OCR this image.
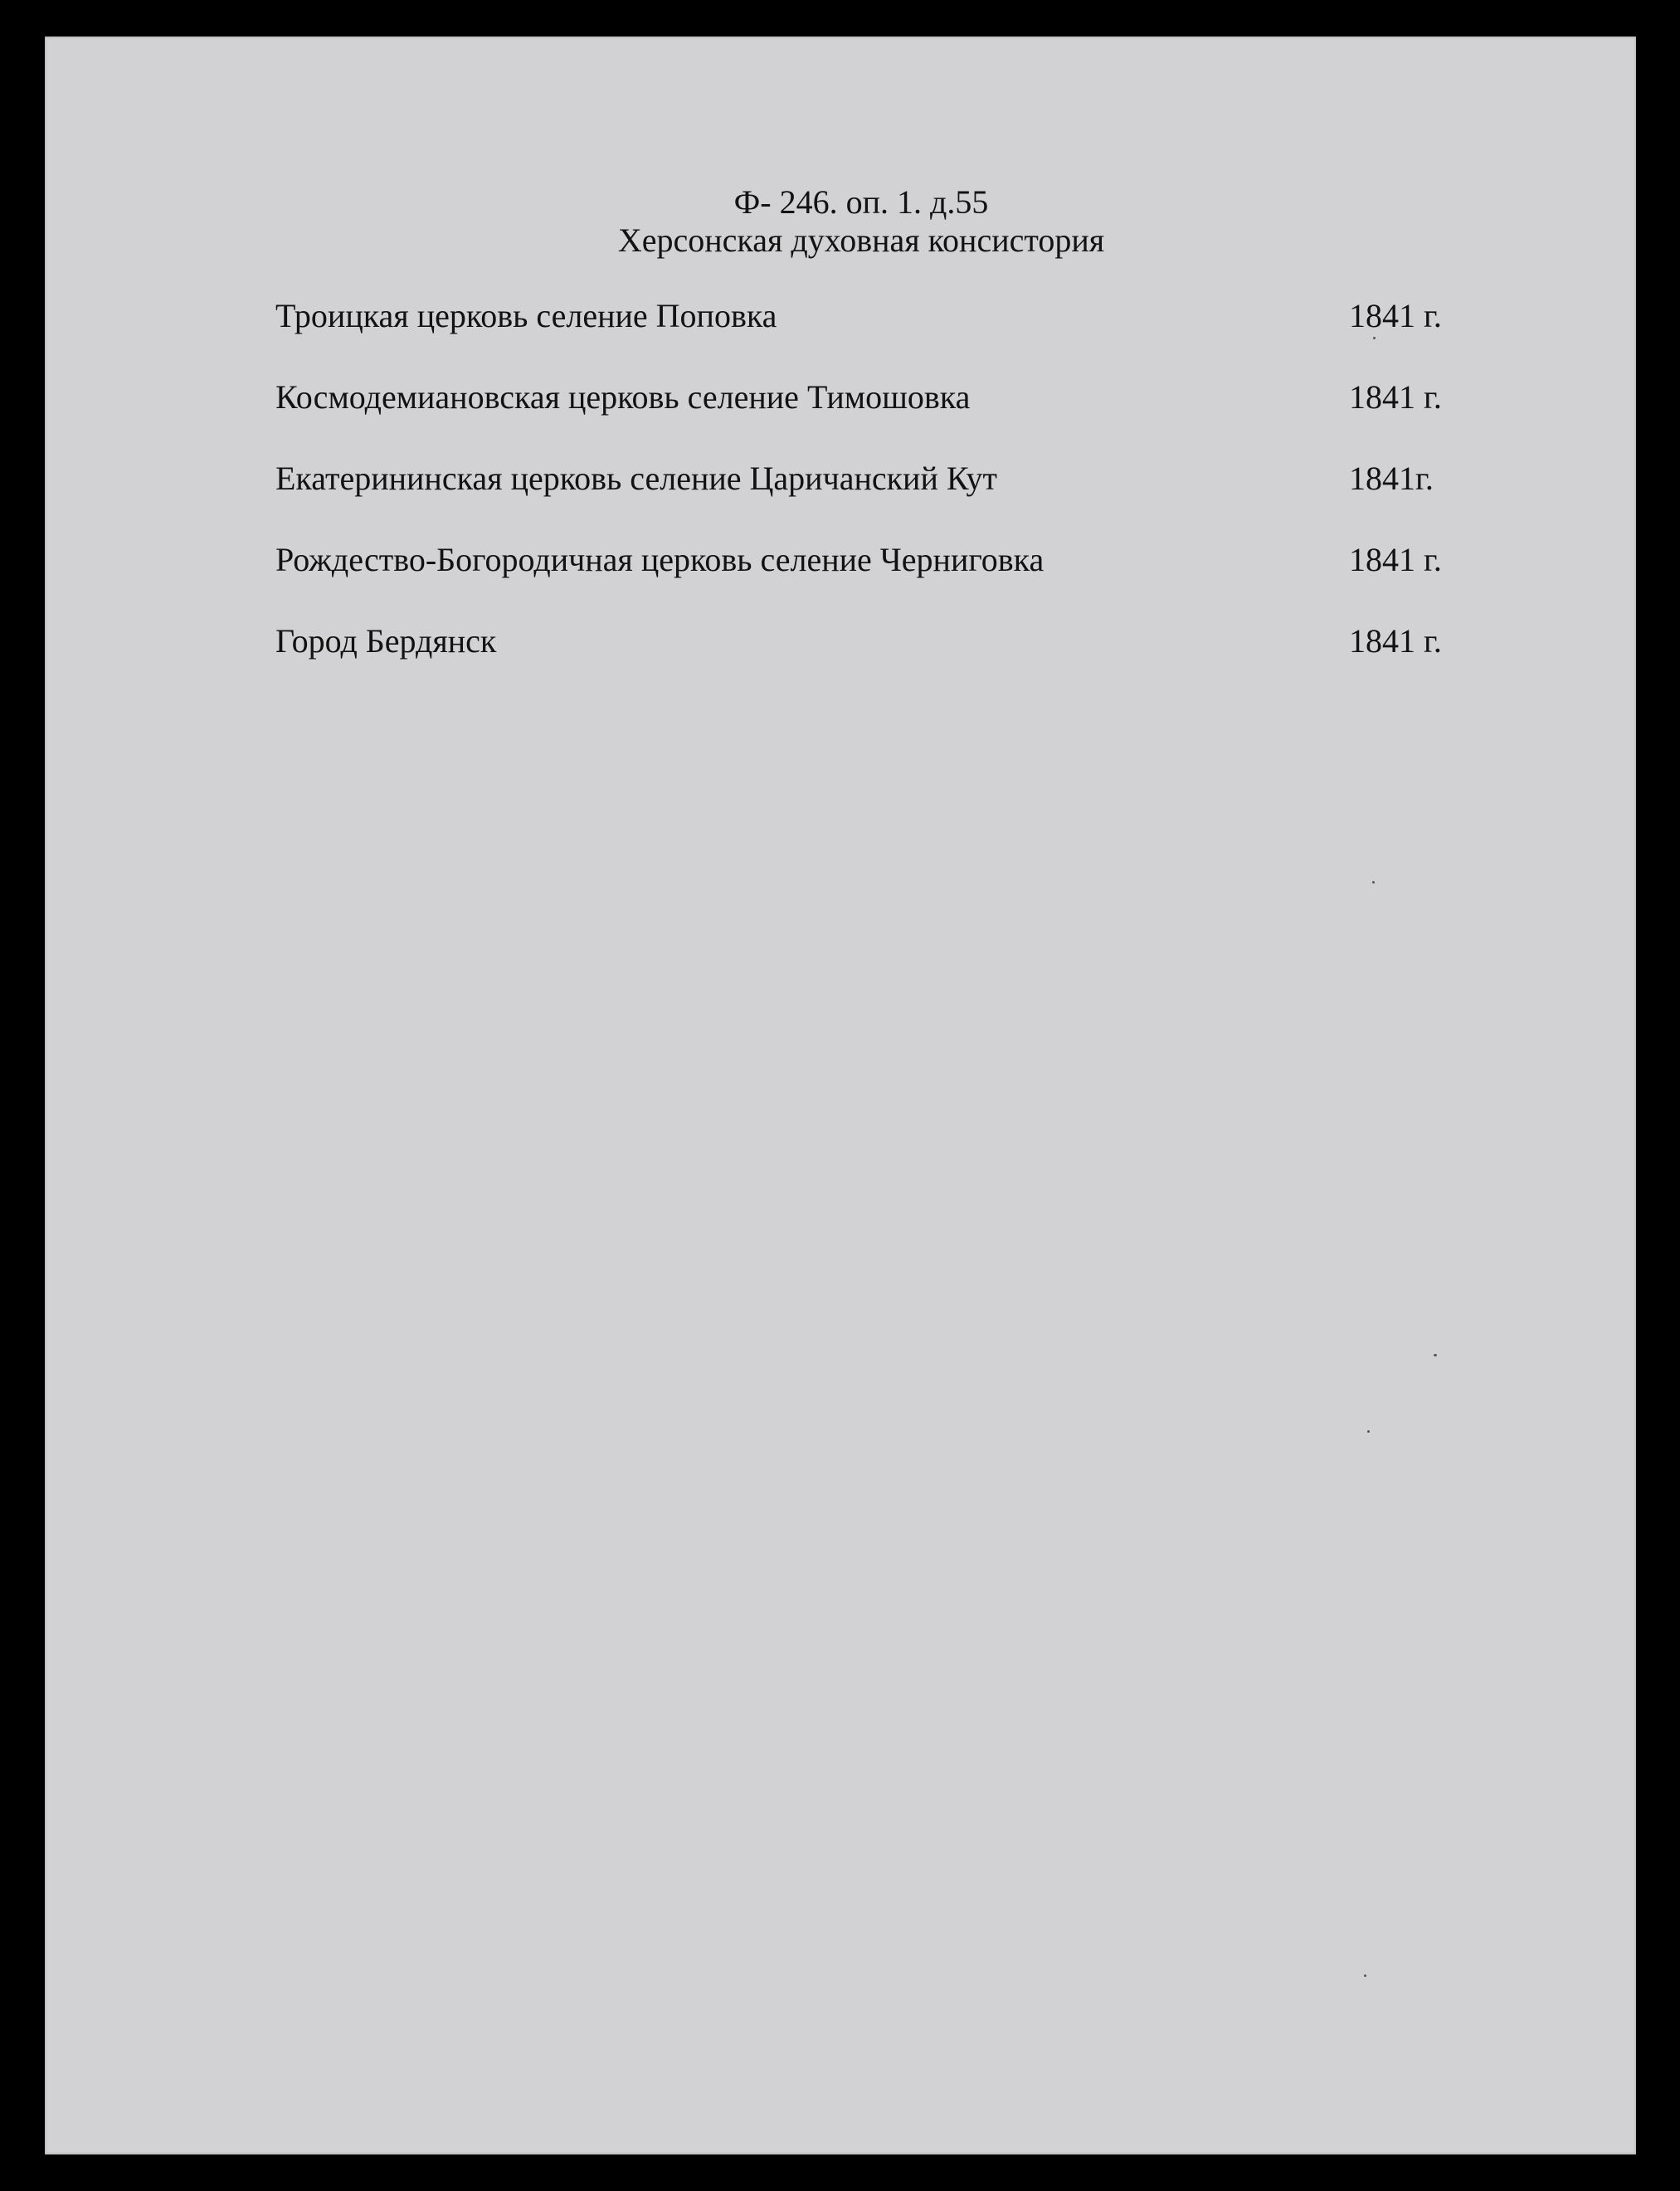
Ф- 246. оп. 1. д.55
Херсонская духовная консистория
Троицкая церковь селение Поповка	1841 г.
Космодемиановская церковь селение Тимошовка	1841 г.
Екатерининская церковь селение Царичанский Кут	1841г.
Рождество-Богородичная церковь селение Черниговка	1841 г.
Город Бердянск	1841 г.
